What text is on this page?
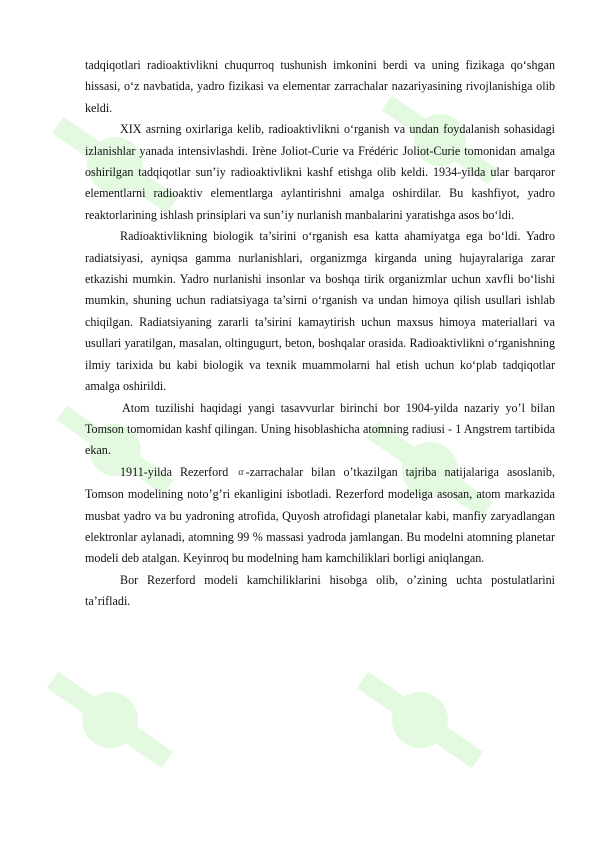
tadqiqotlari radioaktivlikni chuqurroq tushunish imkonini berdi va uning fizikaga qo‘shgan hissasi, o‘z navbatida, yadro fizikasi va elementar zarrachalar nazariyasining rivojlanishiga olib keldi.

XIX asrning oxirlariga kelib, radioaktivlikni o‘rganish va undan foydalanish sohasidagi izlanishlar yanada intensivlashdi. Irène Joliot-Curie va Frédéric Joliot-Curie tomonidan amalga oshirilgan tadqiqotlar sun’iy radioaktivlikni kashf etishga olib keldi. 1934-yilda ular barqaror elementlarni radioaktiv elementlarga aylantirishni amalga oshirdilar. Bu kashfiyot, yadro reaktorlarining ishlash prinsiplari va sun’iy nurlanish manbalarini yaratishga asos bo‘ldi.

Radioaktivlikning biologik ta’sirini o‘rganish esa katta ahamiyatga ega bo‘ldi. Yadro radiatsiyasi, ayniqsa gamma nurlanishlari, organizmga kirganda uning hujayralariga zarar etkazishi mumkin. Yadro nurlanishi insonlar va boshqa tirik organizmlar uchun xavfli bo‘lishi mumkin, shuning uchun radiatsiyaga ta’sirni o‘rganish va undan himoya qilish usullari ishlab chiqilgan. Radiatsiyaning zararli ta’sirini kamaytirish uchun maxsus himoya materiallari va usullari yaratilgan, masalan, oltingugurt, beton, boshqalar orasida. Radioaktivlikni o‘rganishning ilmiy tarixida bu kabi biologik va texnik muammolarni hal etish uchun ko‘plab tadqiqotlar amalga oshirildi.

Atom tuzilishi haqidagi yangi tasavvurlar birinchi bor 1904-yilda nazariy yo’l bilan Tomson tomomidan kashf qilingan. Uning hisoblashicha atomning radiusi - 1 Angstrem tartibida ekan.

1911-yilda Rezerford α -zarrachalar bilan o’tkazilgan tajriba natijalariga asoslanib, Tomson modelining noto’g’ri ekanligini isbotladi. Rezerford modeliga asosan, atom markazida musbat yadro va bu yadroning atrofida, Quyosh atrofidagi planetalar kabi, manfiy zaryadlangan elektronlar aylanadi, atomning 99 % massasi yadroda jamlangan. Bu modelni atomning planetar modeli deb atalgan. Keyinroq bu modelning ham kamchiliklari borligi aniqlangan.

Bor Rezerford modeli kamchiliklarini hisobga olib, o’zining uchta postulatlarini ta’rifladi.
